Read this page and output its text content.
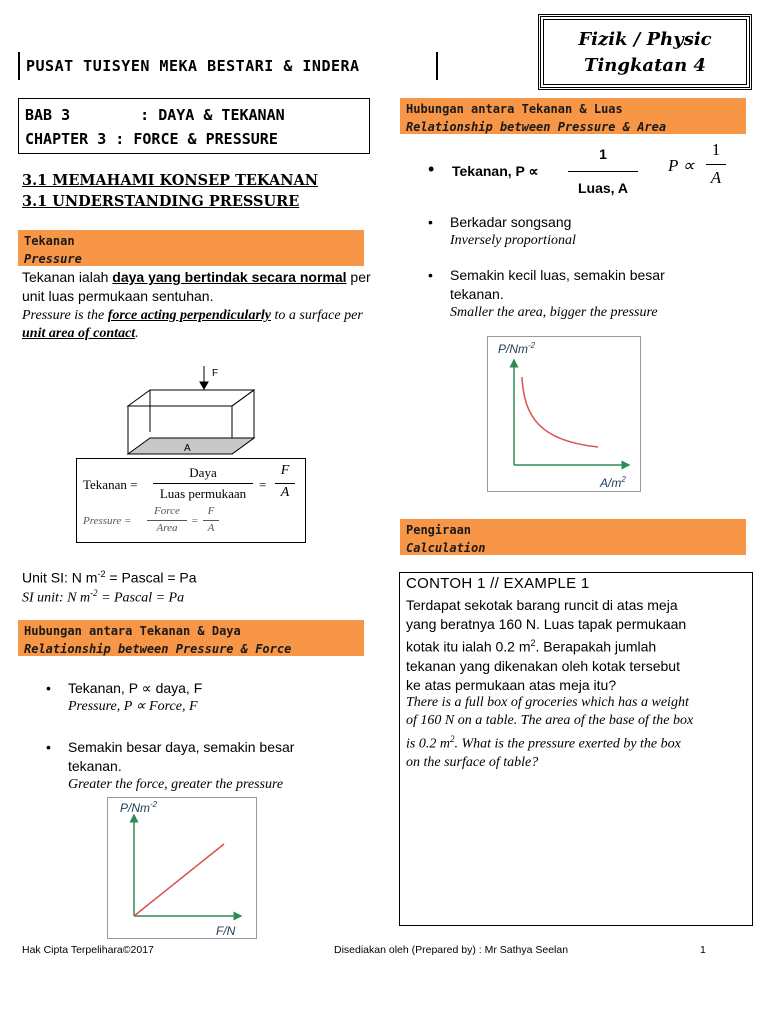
PUSAT TUISYEN MEKA BESTARI & INDERA
Fizik / Physic
Tingkatan 4
BAB 3	: DAYA & TEKANAN
CHAPTER 3 : FORCE & PRESSURE
3.1 MEMAHAMI KONSEP TEKANAN
3.1 UNDERSTANDING PRESSURE
Tekanan
Pressure
Tekanan ialah daya yang bertindak secara normal per unit luas permukaan sentuhan.
Pressure is the force acting perpendicularly to a surface per unit area of contact.
F
A
Tekanan =
Daya
Luas permukaan
=
F
A
Pressure =
Force
Area
=
F
A
Unit SI: N $m^{-2}$ = Pascal = Pa
SI unit: N $m^{-2}$ = Pascal = Pa
Hubungan antara Tekanan & Daya
Relationship between Pressure & Force
• Tekanan, P ∝ daya, F
Pressure, P ∝ Force, F
• Semakin besar daya, semakin besar
tekanan.
Greater the force, greater the pressure
$P/Nm^{-2}$
F/N
Hubungan antara Tekanan & Luas
Relationship between Pressure & Area
• Tekanan, P ∝
1
Luas, A
P ∝
1
A
• Berkadar songsang
Inversely proportional
• Semakin kecil luas, semakin besar
tekanan.
Smaller the area, bigger the pressure
$P/Nm^{-2}$
$A/m^2$
Pengiraan
Calculation
CONTOH 1 // EXAMPLE 1
Terdapat sekotak barang runcit di atas meja
yang beratnya 160 N. Luas tapak permukaan
kotak itu ialah 0.2 $m^2$. Berapakah jumlah
tekanan yang dikenakan oleh kotak tersebut
ke atas permukaan atas meja itu?
There is a full box of groceries which has a weight
of 160 N on a table. The area of the base of the box
is 0.2 $m^2$. What is the pressure exerted by the box
on the surface of table?
Hak Cipta Terpelihara©2017	Disediakan oleh (Prepared by) : Mr Sathya Seelan	1
